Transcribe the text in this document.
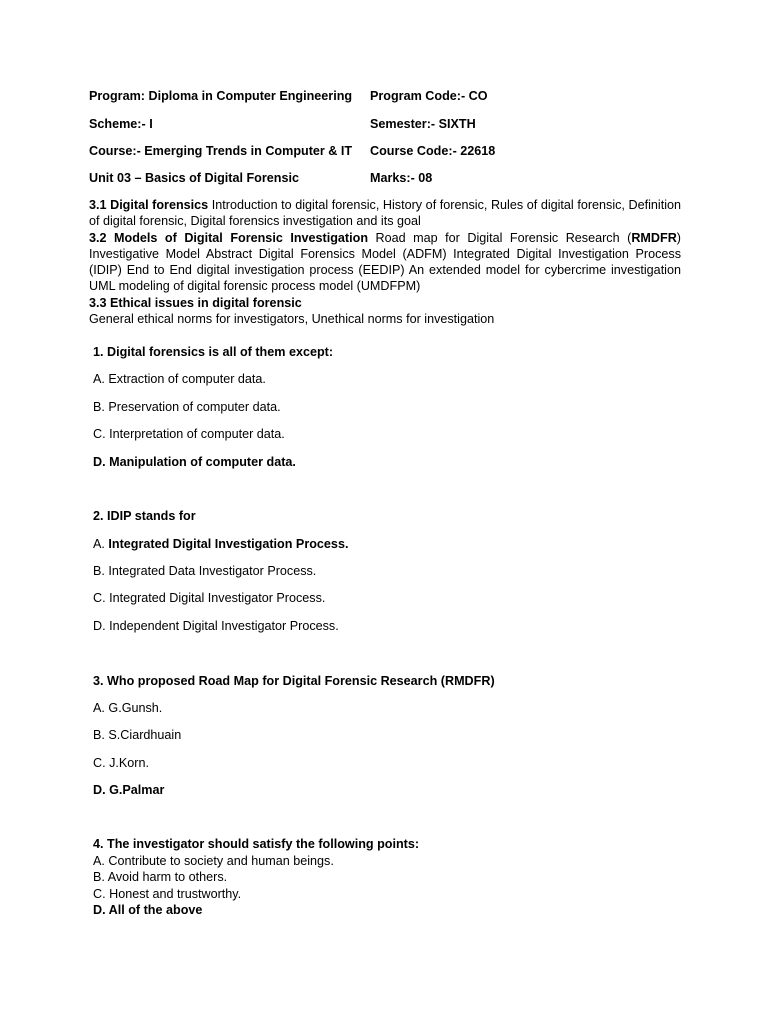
Program: Diploma in Computer Engineering Program Code:- CO
Scheme:- I	Semester:- SIXTH
Course:- Emerging Trends in Computer & IT Course Code:- 22618
Unit 03 – Basics of Digital Forensic	Marks:- 08

3.1 Digital forensics Introduction to digital forensic, History of forensic, Rules of digital forensic, Definition of digital forensic, Digital forensics investigation and its goal

3.2 Models of Digital Forensic Investigation Road map for Digital Forensic Research (RMDFR) Investigative Model Abstract Digital Forensics Model (ADFM) Integrated Digital Investigation Process (IDIP) End to End digital investigation process (EEDIP) An extended model for cybercrime investigation UML modeling of digital forensic process model (UMDFPM)

3.3 Ethical issues in digital forensic

General ethical norms for investigators, Unethical norms for investigation

1. Digital forensics is all of them except:
A. Extraction of computer data.
B. Preservation of computer data.
C. Interpretation of computer data.
D. Manipulation of computer data.
2. IDIP stands for
A. Integrated Digital Investigation Process.
B. Integrated Data Investigator Process.
C. Integrated Digital Investigator Process.
D. Independent Digital Investigator Process.
3. Who proposed Road Map for Digital Forensic Research (RMDFR)
A. G.Gunsh.
B. S.Ciardhuain
C. J.Korn.
D. G.Palmar
4. The investigator should satisfy the following points:
A. Contribute to society and human beings.
B. Avoid harm to others.
C. Honest and trustworthy.
D. All of the above
